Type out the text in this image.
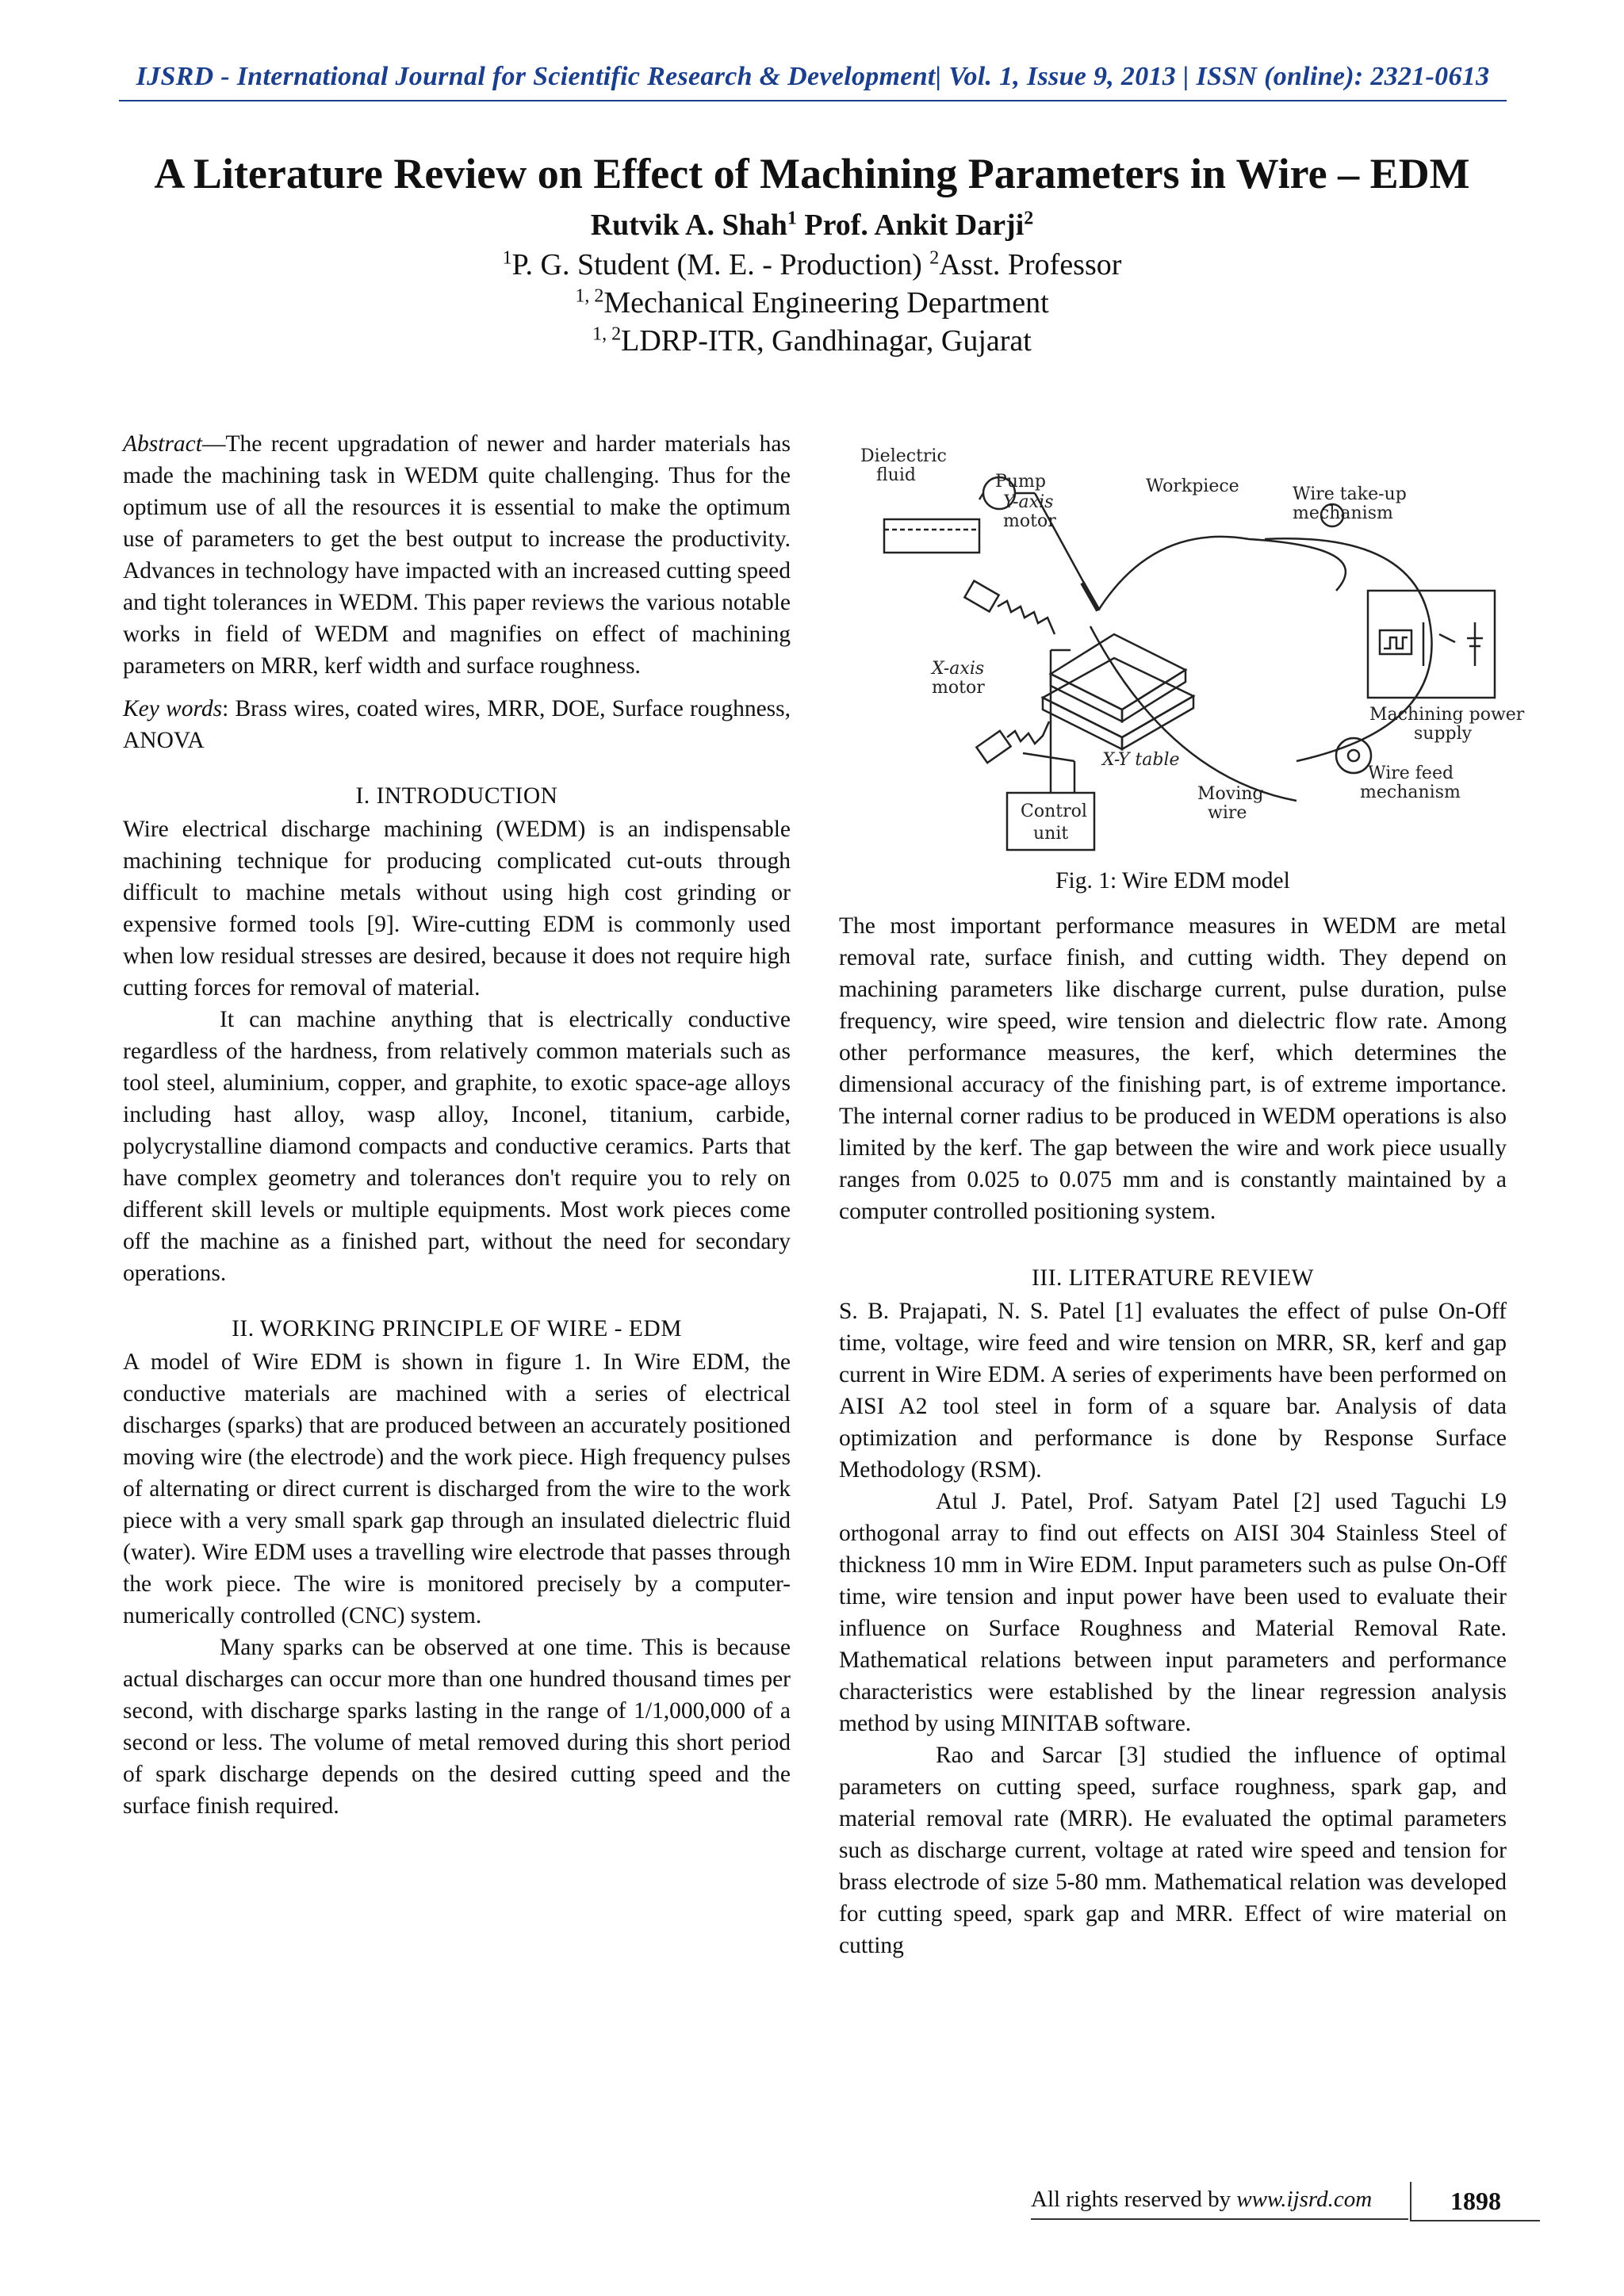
IJSRD - International Journal for Scientific Research & Development| Vol. 1, Issue 9, 2013 | ISSN (online): 2321-0613
A Literature Review on Effect of Machining Parameters in Wire – EDM
Rutvik A. Shah$^1$ Prof. Ankit Darji$^2$
$^1$P. G. Student (M. E. - Production) $^2$Asst. Professor
$^{1, 2}$Mechanical Engineering Department
$^{1, 2}$LDRP-ITR, Gandhinagar, Gujarat

Abstract—The recent upgradation of newer and harder materials has made the machining task in WEDM quite challenging. Thus for the optimum use of all the resources it is essential to make the optimum use of parameters to get the best output to increase the productivity. Advances in technology have impacted with an increased cutting speed and tight tolerances in WEDM. This paper reviews the various notable works in field of WEDM and magnifies on effect of machining parameters on MRR, kerf width and surface roughness.

Key words: Brass wires, coated wires, MRR, DOE, Surface roughness, ANOVA

I. INTRODUCTION

Wire electrical discharge machining (WEDM) is an indispensable machining technique for producing complicated cut-outs through difficult to machine metals without using high cost grinding or expensive formed tools [9]. Wire-cutting EDM is commonly used when low residual stresses are desired, because it does not require high cutting forces for removal of material.

It can machine anything that is electrically conductive regardless of the hardness, from relatively common materials such as tool steel, aluminium, copper, and graphite, to exotic space-age alloys including hast alloy, wasp alloy, Inconel, titanium, carbide, polycrystalline diamond compacts and conductive ceramics. Parts that have complex geometry and tolerances don't require you to rely on different skill levels or multiple equipments. Most work pieces come off the machine as a finished part, without the need for secondary operations.

II. WORKING PRINCIPLE OF WIRE - EDM

A model of Wire EDM is shown in figure 1. In Wire EDM, the conductive materials are machined with a series of electrical discharges (sparks) that are produced between an accurately positioned moving wire (the electrode) and the work piece. High frequency pulses of alternating or direct current is discharged from the wire to the work piece with a very small spark gap through an insulated dielectric fluid (water). Wire EDM uses a travelling wire electrode that passes through the work piece. The wire is monitored precisely by a computer-numerically controlled (CNC) system.

Many sparks can be observed at one time. This is because actual discharges can occur more than one hundred thousand times per second, with discharge sparks lasting in the range of 1/1,000,000 of a second or less. The volume of metal removed during this short period of spark discharge depends on the desired cutting speed and the surface finish required.

Dielectric
fluid	Pump
Y-axis
motor
Workpiece	Wire take-up
mechanism
X-axis
motor
Machining power
supply
X-Y table
Wire feed
mechanism
Moving
wire
Control
unit
Fig. 1: Wire EDM model

The most important performance measures in WEDM are metal removal rate, surface finish, and cutting width. They depend on machining parameters like discharge current, pulse duration, pulse frequency, wire speed, wire tension and dielectric flow rate. Among other performance measures, the kerf, which determines the dimensional accuracy of the finishing part, is of extreme importance. The internal corner radius to be produced in WEDM operations is also limited by the kerf. The gap between the wire and work piece usually ranges from 0.025 to 0.075 mm and is constantly maintained by a computer controlled positioning system.

III. LITERATURE REVIEW

S. B. Prajapati, N. S. Patel [1] evaluates the effect of pulse On-Off time, voltage, wire feed and wire tension on MRR, SR, kerf and gap current in Wire EDM. A series of experiments have been performed on AISI A2 tool steel in form of a square bar. Analysis of data optimization and performance is done by Response Surface Methodology (RSM).

Atul J. Patel, Prof. Satyam Patel [2] used Taguchi L9 orthogonal array to find out effects on AISI 304 Stainless Steel of thickness 10 mm in Wire EDM. Input parameters such as pulse On-Off time, wire tension and input power have been used to evaluate their influence on Surface Roughness and Material Removal Rate. Mathematical relations between input parameters and performance characteristics were established by the linear regression analysis method by using MINITAB software.

Rao and Sarcar [3] studied the influence of optimal parameters on cutting speed, surface roughness, spark gap, and material removal rate (MRR). He evaluated the optimal parameters such as discharge current, voltage at rated wire speed and tension for brass electrode of size 5-80 mm. Mathematical relation was developed for cutting speed, spark gap and MRR. Effect of wire material on cutting

All rights reserved by www.ijsrd.com	1898
